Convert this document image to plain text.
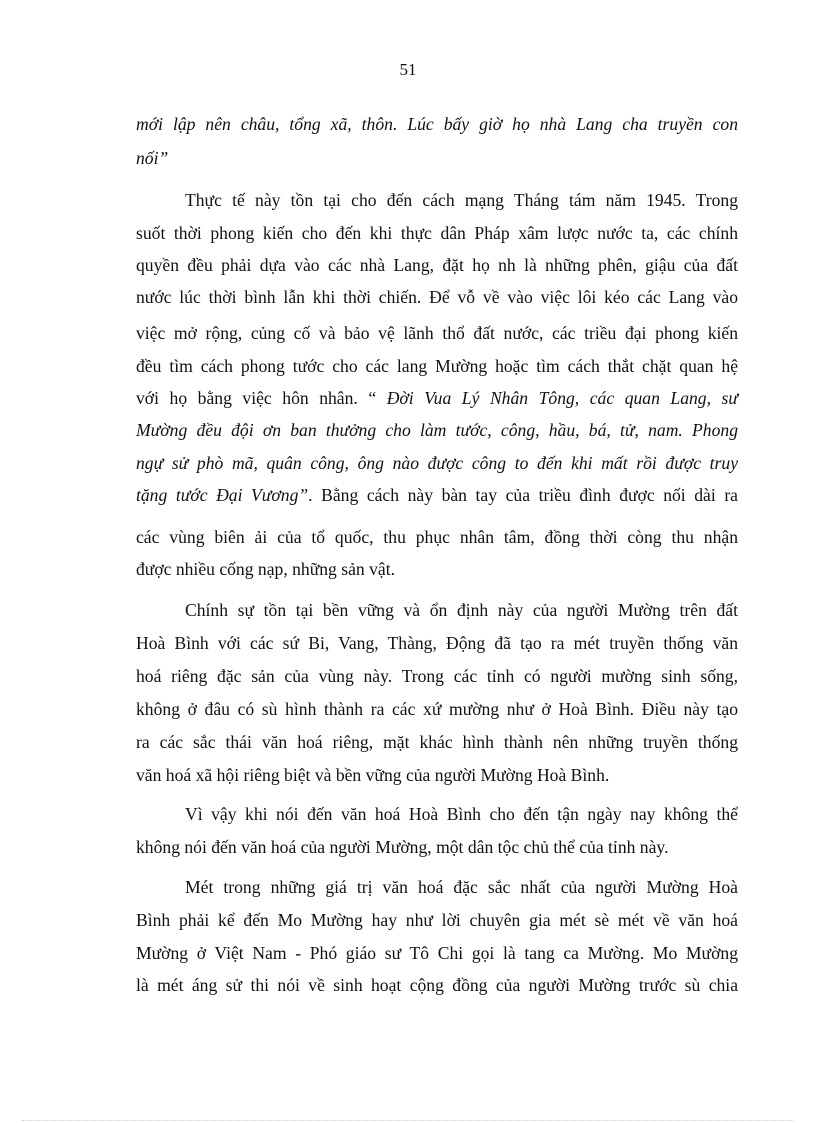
51
mới lập nên châu, tổng xã, thôn. Lúc bấy giờ họ nhà Lang cha truyền con
nối”
Thực tế này tồn tại cho đến cách mạng Tháng tám năm 1945. Trong
suốt thời phong kiến cho đến khi thực dân Pháp xâm lược nước ta, các chính
quyền đều phải dựa vào các nhà Lang, đặt họ nh là những phên, giậu của đất
nước lúc thời bình lẫn khi thời chiến. Để vỗ về vào việc lôi kéo các Lang vào
việc mở rộng, củng cố và bảo vệ lãnh thổ đất nước, các triều đại phong kiến
đều tìm cách phong tước cho các lang Mường hoặc tìm cách thắt chặt quan hệ
với họ bằng việc hôn nhân. “ Đời Vua Lý Nhân Tông, các quan Lang, sư
Mường đều đội ơn ban thưởng cho làm tước, công, hầu, bá, tử, nam. Phong
ngự sử phò mã, quân công, ông nào được công to đến khi mất rồi được truy
tặng tước Đại Vương”. Bằng cách này bàn tay của triều đình được nối dài ra
các vùng biên ải của tổ quốc, thu phục nhân tâm, đồng thời còng thu nhận
được nhiều cống nạp, những sản vật.
Chính sự tồn tại bền vững và ổn định này của người Mường trên đất
Hoà Bình với các sứ Bi, Vang, Thàng, Động đã tạo ra mét truyền thống văn
hoá riêng đặc sản của vùng này. Trong các tỉnh có người mường sinh sống,
không ở đâu có sù hình thành ra các xứ mường như ở Hoà Bình. Điều này tạo
ra các sắc thái văn hoá riêng, mặt khác hình thành nên những truyền thống
văn hoá xã hội riêng biệt và bền vững của người Mường Hoà Bình.
Vì vậy khi nói đến văn hoá Hoà Bình cho đến tận ngày nay không thể
không nói đến văn hoá của người Mường, một dân tộc chủ thể của tỉnh này.
Mét trong những giá trị văn hoá đặc sắc nhất của người Mường Hoà
Bình phải kể đến Mo Mường hay như lời chuyên gia mét sè mét về văn hoá
Mường ở Việt Nam - Phó giáo sư Tô Chi gọi là tang ca Mường. Mo Mường
là mét áng sử thi nói về sinh hoạt cộng đồng của người Mường trước sù chia
